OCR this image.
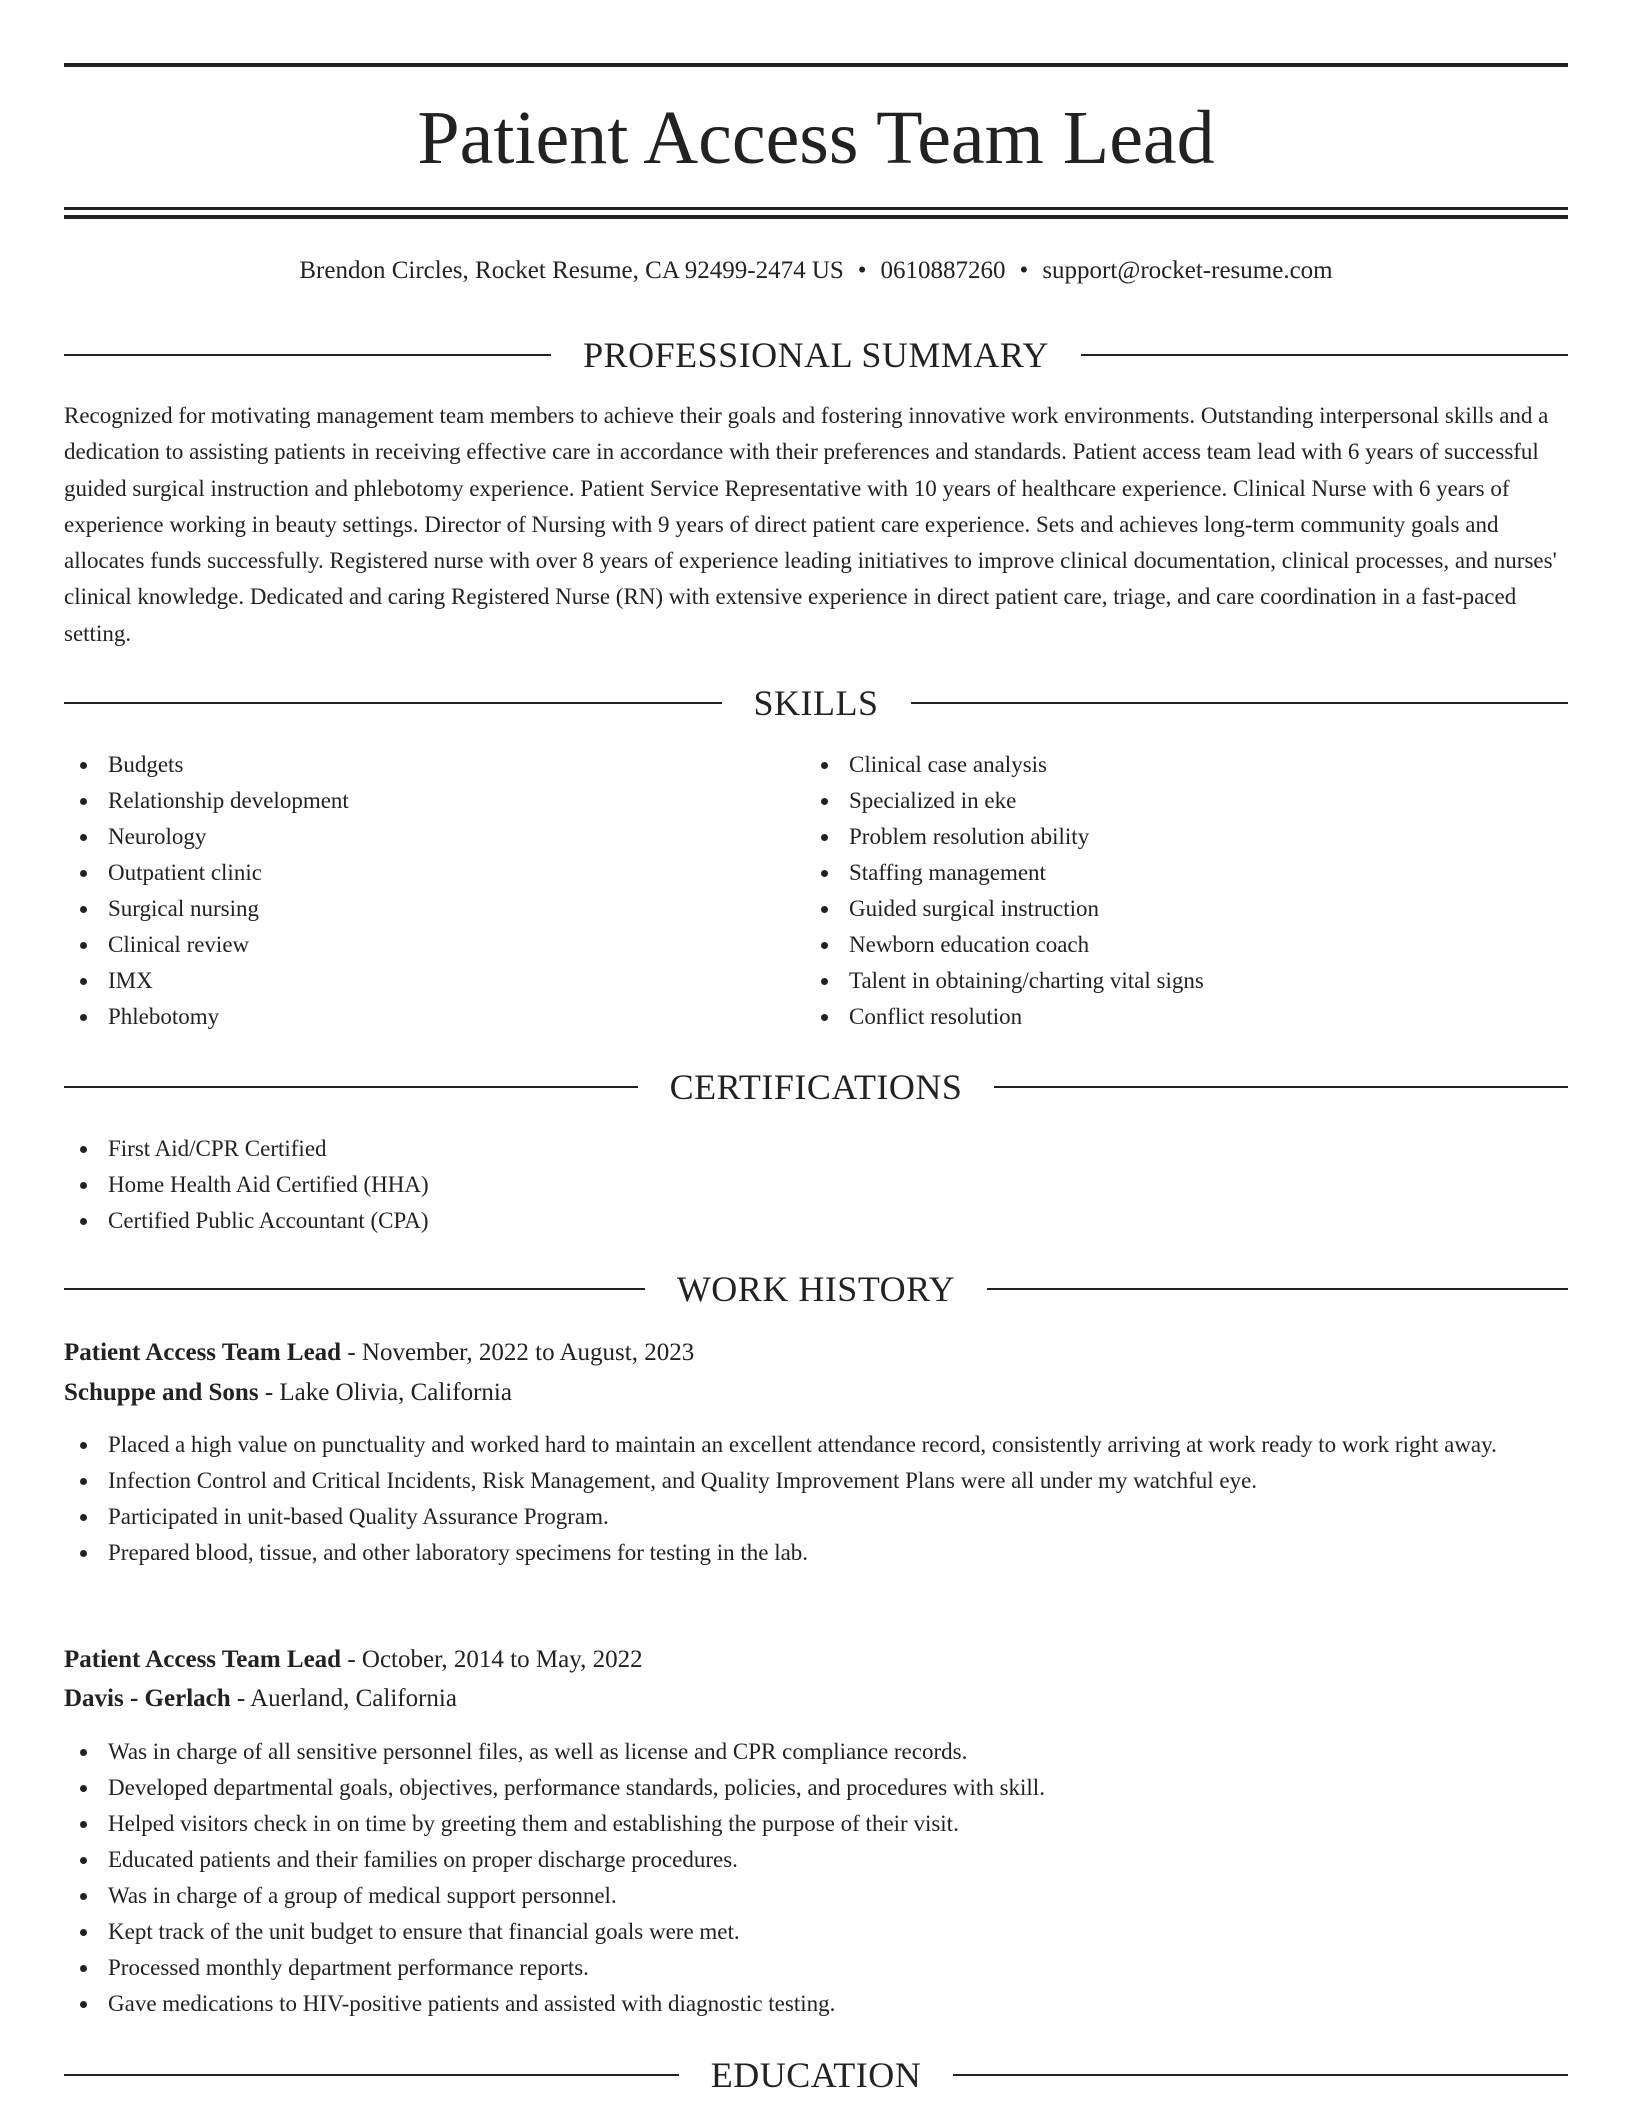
Patient Access Team Lead
Brendon Circles, Rocket Resume, CA 92499-2474 US • 0610887260 • support@rocket-resume.com
PROFESSIONAL SUMMARY
Recognized for motivating management team members to achieve their goals and fostering innovative work environments. Outstanding interpersonal skills and a dedication to assisting patients in receiving effective care in accordance with their preferences and standards. Patient access team lead with 6 years of successful guided surgical instruction and phlebotomy experience. Patient Service Representative with 10 years of healthcare experience. Clinical Nurse with 6 years of experience working in beauty settings. Director of Nursing with 9 years of direct patient care experience. Sets and achieves long-term community goals and allocates funds successfully. Registered nurse with over 8 years of experience leading initiatives to improve clinical documentation, clinical processes, and nurses' clinical knowledge. Dedicated and caring Registered Nurse (RN) with extensive experience in direct patient care, triage, and care coordination in a fast-paced setting.
SKILLS
Budgets
Relationship development
Neurology
Outpatient clinic
Surgical nursing
Clinical review
IMX
Phlebotomy
Clinical case analysis
Specialized in eke
Problem resolution ability
Staffing management
Guided surgical instruction
Newborn education coach
Talent in obtaining/charting vital signs
Conflict resolution
CERTIFICATIONS
First Aid/CPR Certified
Home Health Aid Certified (HHA)
Certified Public Accountant (CPA)
WORK HISTORY
Patient Access Team Lead - November, 2022 to August, 2023
Schuppe and Sons - Lake Olivia, California
Placed a high value on punctuality and worked hard to maintain an excellent attendance record, consistently arriving at work ready to work right away.
Infection Control and Critical Incidents, Risk Management, and Quality Improvement Plans were all under my watchful eye.
Participated in unit-based Quality Assurance Program.
Prepared blood, tissue, and other laboratory specimens for testing in the lab.
Patient Access Team Lead - October, 2014 to May, 2022
Davis - Gerlach - Auerland, California
Was in charge of all sensitive personnel files, as well as license and CPR compliance records.
Developed departmental goals, objectives, performance standards, policies, and procedures with skill.
Helped visitors check in on time by greeting them and establishing the purpose of their visit.
Educated patients and their families on proper discharge procedures.
Was in charge of a group of medical support personnel.
Kept track of the unit budget to ensure that financial goals were met.
Processed monthly department performance reports.
Gave medications to HIV-positive patients and assisted with diagnostic testing.
EDUCATION
